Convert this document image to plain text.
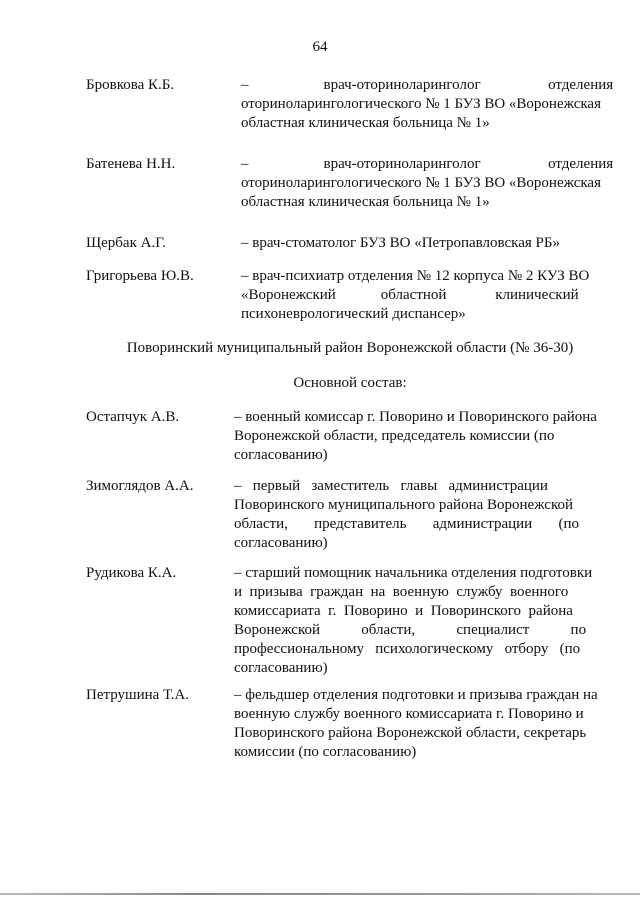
64
Бровкова К.Б.	–                    врач-оториноларинголог                  отделения
оториноларингологического № 1 БУЗ ВО «Воронежская
областная клиническая больница № 1»
Батенева Н.Н.	–                    врач-оториноларинголог                  отделения
оториноларингологического № 1 БУЗ ВО «Воронежская
областная клиническая больница № 1»
Щербак А.Г.	– врач-стоматолог БУЗ ВО «Петропавловская РБ»
Григорьева Ю.В.	– врач-психиатр отделения № 12 корпуса № 2 КУЗ ВО
«Воронежский            областной             клинический
психоневрологический диспансер»
Поворинский муниципальный район Воронежской области (№ 36-30)
Основной состав:
Остапчук А.В.	– военный комиссар г. Поворино и Поворинского района
Воронежской области, председатель комиссии (по
согласованию)
Зимоглядов А.А.	–   первый   заместитель   главы   администрации
Поворинского муниципального района Воронежской
области,       представитель       администрации       (по
согласованию)
Рудикова К.А.	– старший помощник начальника отделения подготовки
и  призыва  граждан  на  военную  службу  военного
комиссариата  г.  Поворино  и  Поворинского  района
Воронежской           области,           специалист           по
профессиональному   психологическому   отбору   (по
согласованию)
Петрушина Т.А.	– фельдшер отделения подготовки и призыва граждан на
военную службу военного комиссариата г. Поворино и
Поворинского района Воронежской области, секретарь
комиссии (по согласованию)
